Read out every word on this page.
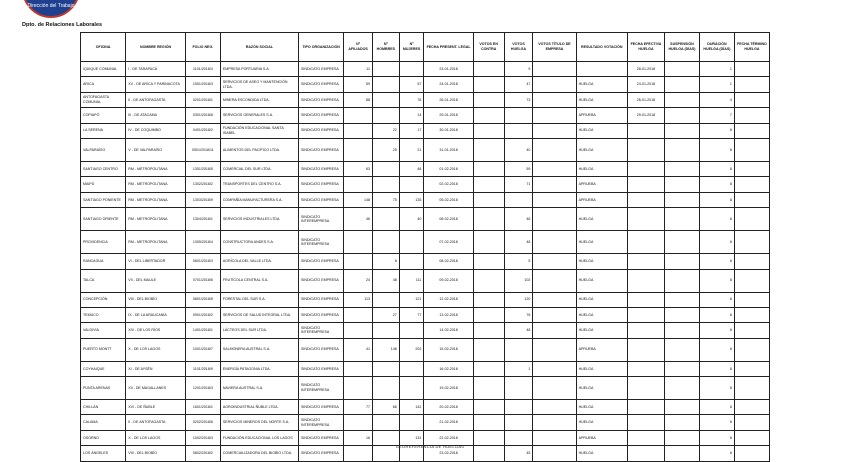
Dirección del Trabajo
Dpto. de Relaciones Laborales
OFICINA	NOMBRE REGIÓN	FOLIO NEG.	RAZÓN SOCIAL	TIPO ORGANIZACIÓN	Nº AFILIADOS	Nº HOMBRES	Nº MUJERES	FECHA PRESENT. LEGAL	VOTOS EN CONTRA	VOTOS HUELGA	VOTOS TÍTULO DE EMPRESA	RESULTADO VOTACIÓN	FECHA EFECTIVA HUELGA	SUSPENSIÓN HUELGA (DÍAS)	DURACIÓN HUELGA (DÍAS)	FECHA TÉRMINO HUELGA
IQUIQUE COMUNAL	I - DE TARAPACÁ	1101/2018/4	EMPRESA PORTUARIA S.A.	SINDICATO EMPRESA	11			23-01-2018		9			28-01-2018		1	
ARICA	XV - DE ARICA Y PARINACOTA	1501/2018/3	SERVICIOS DE ASEO Y MANTENCIÓN LTDA.	SINDICATO EMPRESA	59		57	24-01-2018		47		HUELGA	24-01-2018		1	
ANTOFAGASTA COMUNAL	II - DE ANTOFAGASTA	0201/2018/1	MINERA ESCONDIDA LTDA.	SINDICATO EMPRESA	88		78	26-01-2018		73		HUELGA	26-01-2018		4	
COPIAPÓ	III - DE ATACAMA	0301/2018/8	SERVICIOS GENERALES S.A.	SINDICATO EMPRESA			14	29-01-2018				APRUEBA	29-01-2018		7	
LA SERENA	IV - DE COQUIMBO	0401/2018/2	FUNDACIÓN EDUCACIONAL SANTA ISABEL	SINDICATO EMPRESA		22	17	30-01-2018				HUELGA			8	
VALPARAÍSO	V - DE VALPARAÍSO	0501/2018/11	ALIMENTOS DEL PACÍFICO LTDA.	SINDICATO EMPRESA		25	21	31-01-2018		40		HUELGA			8	
SANTIAGO CENTRO	RM - METROPOLITANA	1301/2018/5	COMERCIAL DEL SUR LTDA.	SINDICATO EMPRESA	63		48	01-02-2018		59		HUELGA			8	
MAIPÚ	RM - METROPOLITANA	1302/2018/2	TRANSPORTES DEL CENTRO S.A.	SINDICATO EMPRESA				02-02-2018		71		APRUEBA			8	
SANTIAGO PONIENTE	RM - METROPOLITANA	1303/2018/9	COMPAÑÍA MANUFACTURERA S.A.	SINDICATO EMPRESA	148	75	135	05-02-2018				APRUEBA			8	
SANTIAGO ORIENTE	RM - METROPOLITANA	1304/2018/1	SERVICIOS INDUSTRIALES LTDA.	SINDICATO INTEREMPRESA	46		40	06-02-2018		46		HUELGA			8	
PROVIDENCIA	RM - METROPOLITANA	1305/2018/4	CONSTRUCTORA ANDES S.A.	SINDICATO INTEREMPRESA				07-02-2018		48		HUELGA			8	
RANCAGUA	VI - DEL LIBERTADOR	0601/2018/3	AGRÍCOLA DEL VALLE LTDA.	SINDICATO EMPRESA		8		08-02-2018		5		HUELGA			8	
TALCA	VII - DEL MAULE	0701/2018/6	FRUTÍCOLA CENTRAL S.A.	SINDICATO EMPRESA	24	48	111	09-02-2018		102		HUELGA			8	
CONCEPCIÓN	VIII - DEL BIOBÍO	0801/2018/5	FORESTAL DEL SUR S.A.	SINDICATO EMPRESA	113		121	12-02-2018		120		HUELGA			8	
TEMUCO	IX - DE LA ARAUCANÍA	0901/2018/2	SERVICIOS DE SALUD INTEGRAL LTDA.	SINDICATO EMPRESA		27	77	13-02-2018		76		HUELGA			8	
VALDIVIA	XIV - DE LOS RÍOS	1401/2018/1	LÁCTEOS DEL SUR LTDA.	SINDICATO INTEREMPRESA				14-02-2018		48		HUELGA			8	
PUERTO MONTT	X - DE LOS LAGOS	1001/2018/7	SALMONERA AUSTRAL S.A.	SINDICATO EMPRESA	41	146	202	15-02-2018				APRUEBA			8	
COYHAIQUE	XI - DE AYSÉN	1101/2018/9	ENERGÍA PATAGONIA LTDA.	SINDICATO EMPRESA				16-02-2018		1		HUELGA			8	
PUNTA ARENAS	XII - DE MAGALLANES	1201/2018/3	NAVIERA AUSTRAL S.A.	SINDICATO INTEREMPRESA				19-02-2018				HUELGA			8	
CHILLÁN	XVI - DE ÑUBLE	1601/2018/1	AGROINDUSTRIAL ÑUBLE LTDA.	SINDICATO EMPRESA	77	66	142	20-02-2018				HUELGA			8	
CALAMA	II - DE ANTOFAGASTA	0202/2018/6	SERVICIOS MINEROS DEL NORTE S.A.	SINDICATO INTEREMPRESA				21-02-2018				HUELGA			8	
OSORNO	X - DE LOS LAGOS	1002/2018/3	FUNDACIÓN EDUCACIONAL LOS LAGOS	SINDICATO EMPRESA	16		131	22-02-2018				APRUEBA			8	
LOS ÁNGELES	VIII - DEL BIOBÍO	0802/2018/2	COMERCIALIZADORA DEL BIOBÍO LTDA.	SINDICATO EMPRESA				23-02-2018		45		HUELGA			8	
GEOREFERENCIA DE HUELGAS
